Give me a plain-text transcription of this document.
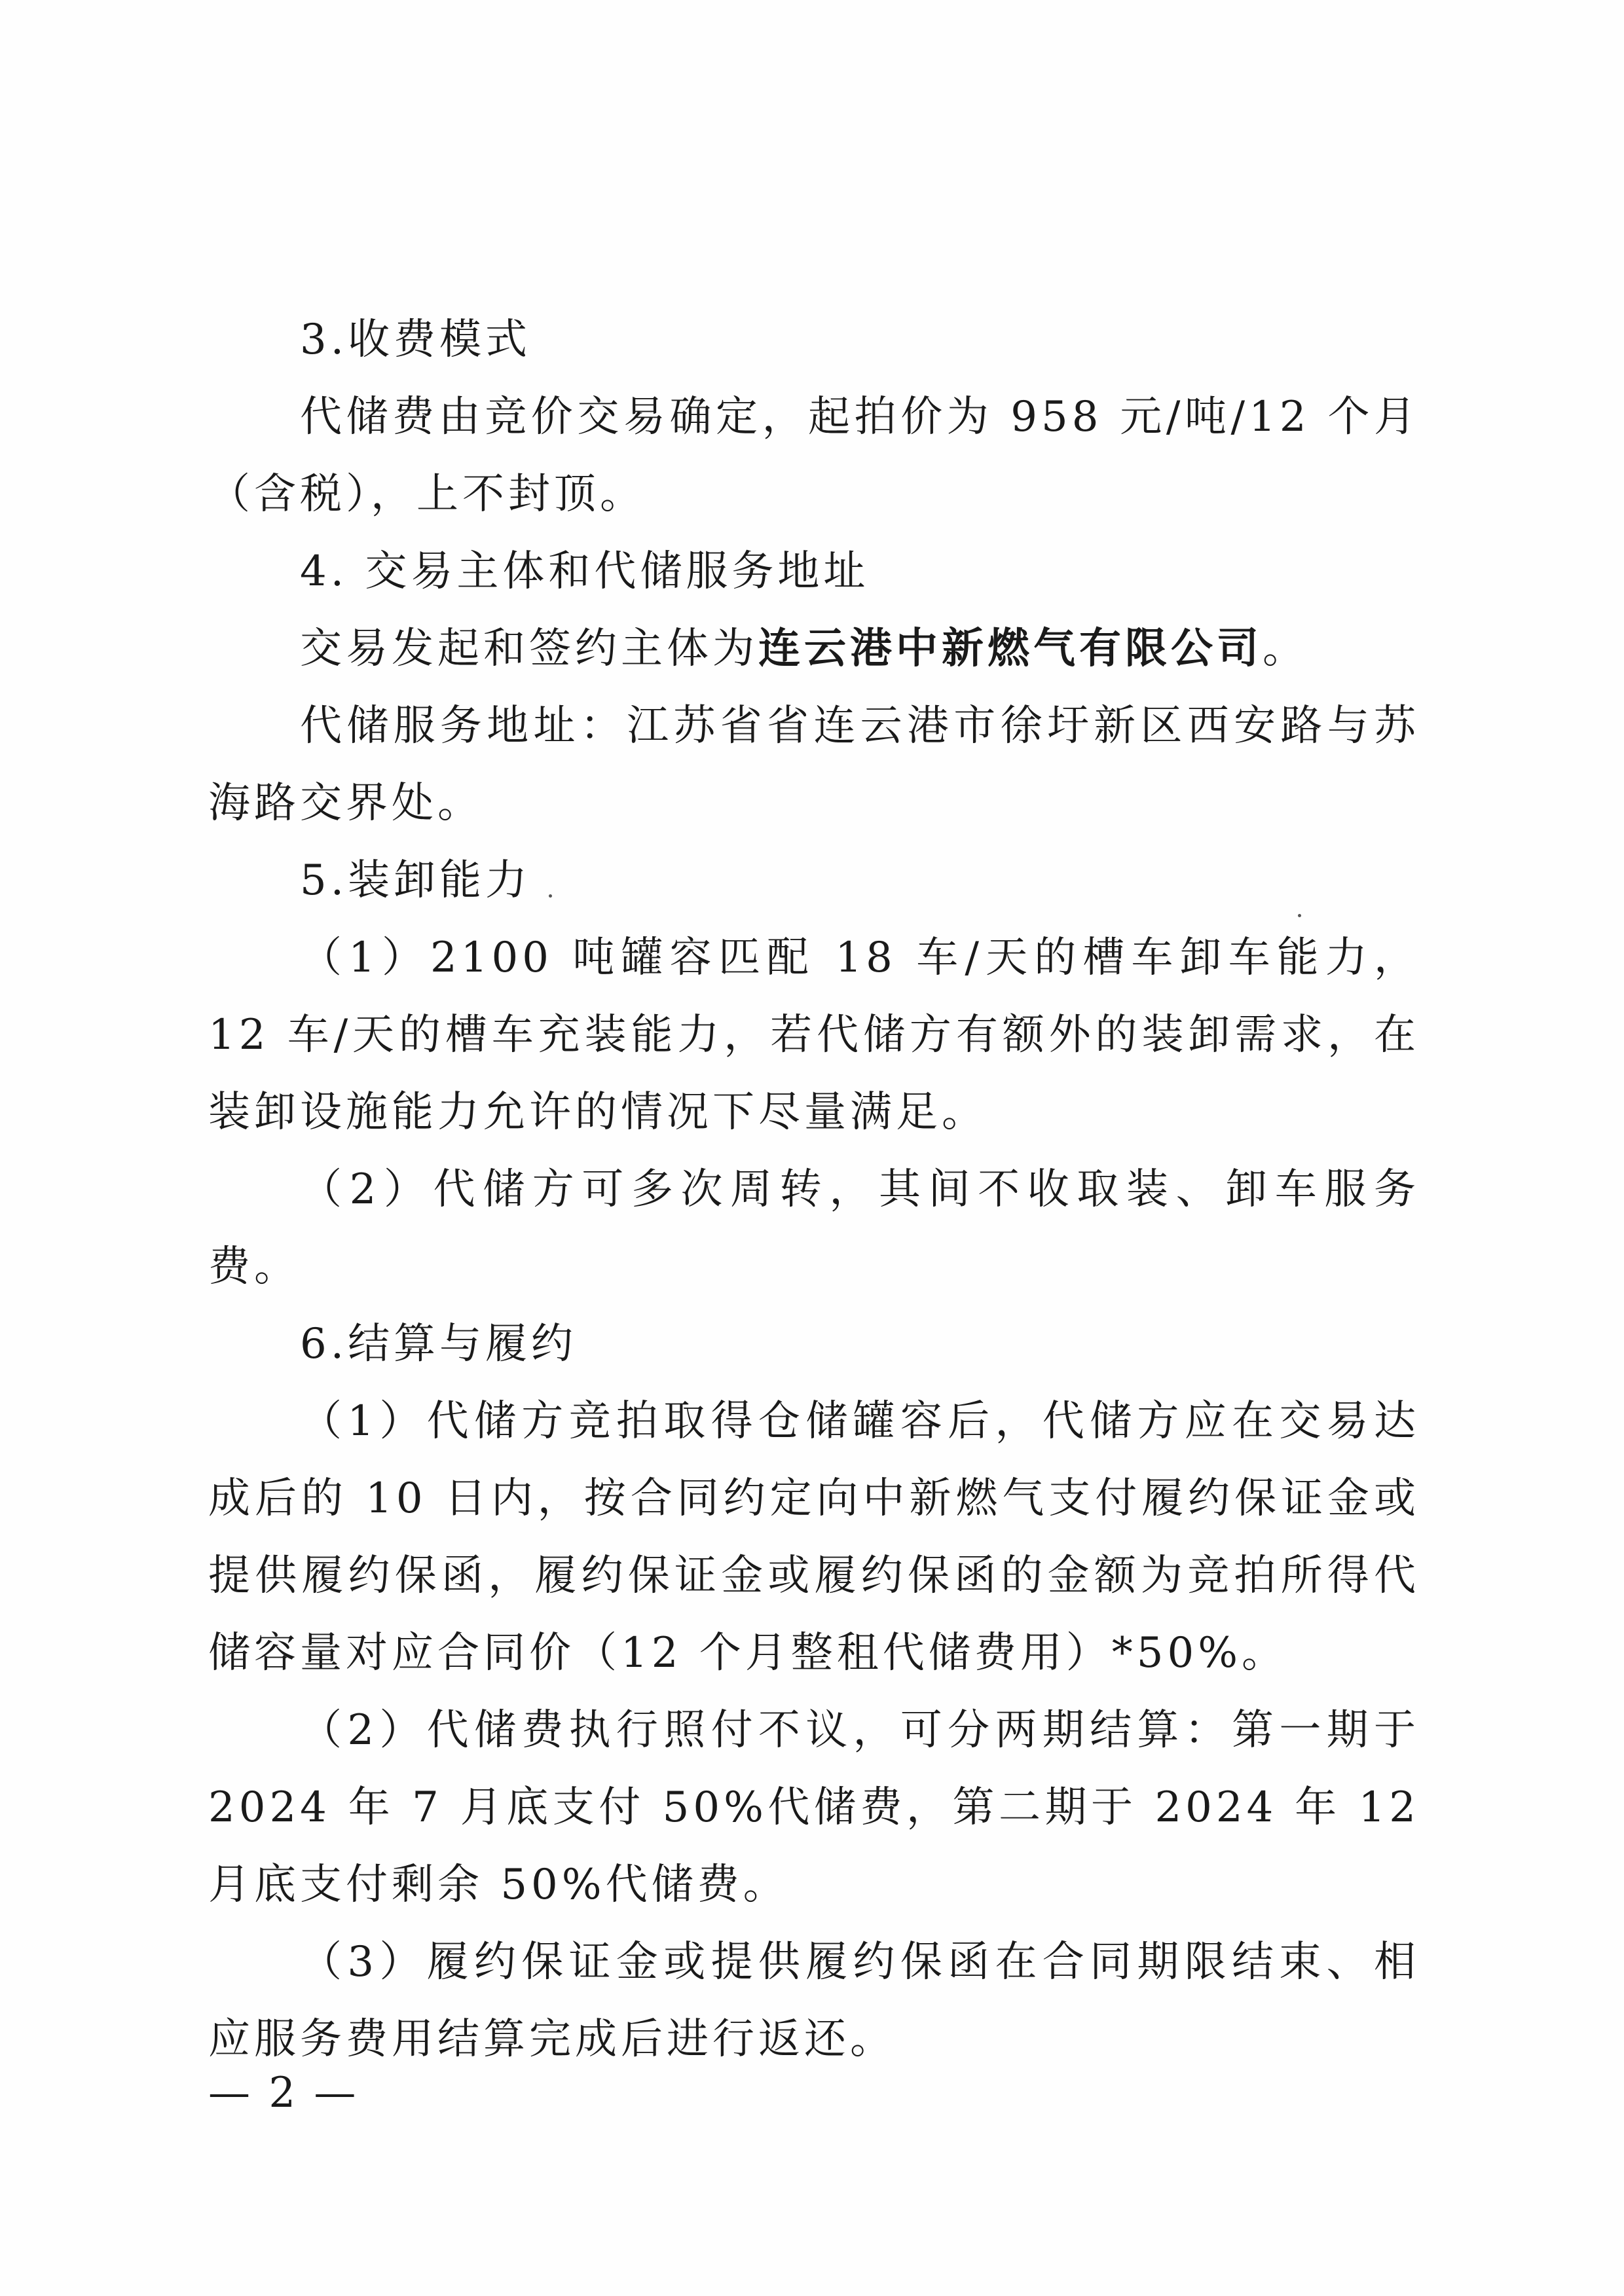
3.收费模式

代储费由竞价交易确定，起拍价为 958 元/吨/12 个月（含税），上不封顶。

4. 交易主体和代储服务地址

交易发起和签约主体为连云港中新燃气有限公司。

代储服务地址：江苏省省连云港市徐圩新区西安路与苏海路交界处。

5.装卸能力

（1）2100 吨罐容匹配 18 车/天的槽车卸车能力，12 车/天的槽车充装能力，若代储方有额外的装卸需求，在装卸设施能力允许的情况下尽量满足。

（2）代储方可多次周转，其间不收取装、卸车服务费。

6.结算与履约

（1）代储方竞拍取得仓储罐容后，代储方应在交易达成后的 10 日内，按合同约定向中新燃气支付履约保证金或提供履约保函，履约保证金或履约保函的金额为竞拍所得代储容量对应合同价（12 个月整租代储费用）*50%。

（2）代储费执行照付不议，可分两期结算：第一期于 2024 年 7 月底支付 50%代储费，第二期于 2024 年 12 月底支付剩余 50%代储费。

（3）履约保证金或提供履约保函在合同期限结束、相应服务费用结算完成后进行返还。

— 2 —
